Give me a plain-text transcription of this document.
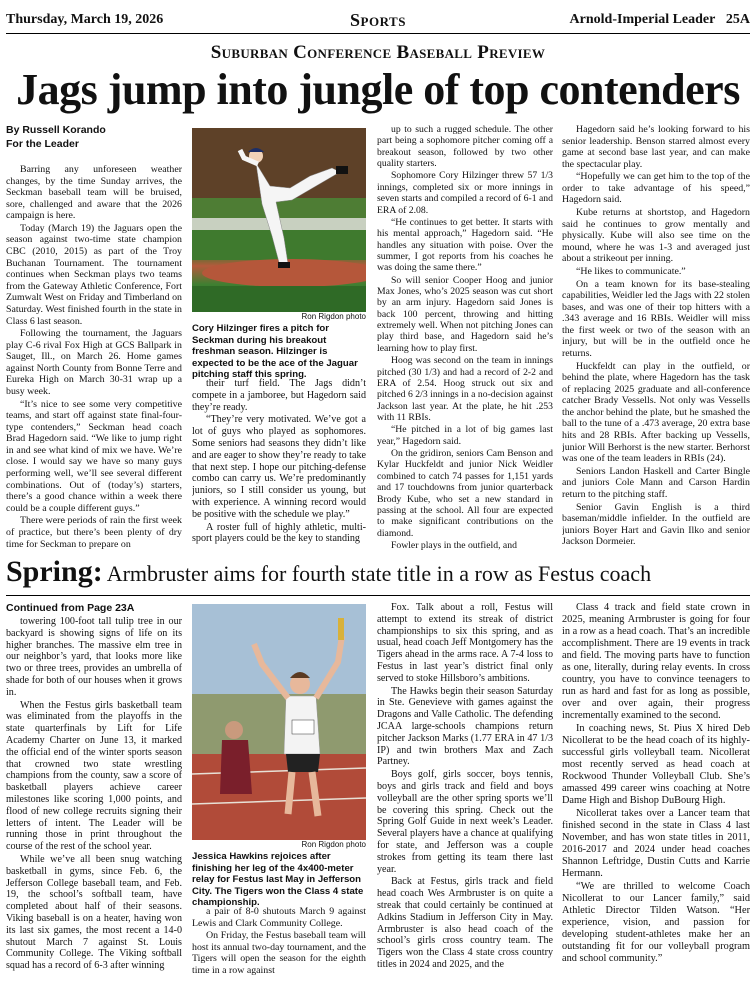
Thursday, March 19, 2026	Sports	Arnold-Imperial Leader 25A
Suburban Conference Baseball Preview
Jags jump into jungle of top contenders

By Russell Korando

For the Leader

Barring any unforeseen weather changes, by the time Sunday arrives, the Seckman baseball team will be bruised, sore, challenged and aware that the 2026 campaign is here.

Today (March 19) the Jaguars open the season against two-time state champion CBC (2010, 2015) as part of the Troy Buchanan Tournament. The tournament continues when Seckman plays two teams from the Gateway Athletic Conference, Fort Zumwalt West on Friday and Timberland on Saturday. West finished fourth in the state in Class 6 last season.

Following the tournament, the Jaguars play C-6 rival Fox High at GCS Ballpark in Sauget, Ill., on March 26. Home games against North County from Bonne Terre and Eureka High on March 30-31 wrap up a busy week.

“It’s nice to see some very competitive teams, and start off against state final-four-type contenders,” Seckman head coach Brad Hagedorn said. “We like to jump right in and see what kind of mix we have. We’re close. I would say we have so many guys performing well, we’ll see several different combinations. Out of (today’s) starters, there’s a good chance within a week there could be a couple different guys.”

There were periods of rain the first week of practice, but there’s been plenty of dry time for Seckman to prepare on

Ron Rigdon photo
Cory Hilzinger fires a pitch for Seckman during his breakout freshman season. Hilzinger is expected to be the ace of the Jaguar pitching staff this spring.

their turf field. The Jags didn’t compete in a jamboree, but Hagedorn said they’re ready.

“They’re very motivated. We’ve got a lot of guys who played as sophomores. Some seniors had seasons they didn’t like and are eager to show they’re ready to take that next step. I hope our pitching-defense combo can carry us. We’re predominantly juniors, so I still consider us young, but with experience. A winning record would be positive with the schedule we play.”

A roster full of highly athletic, multi-sport players could be the key to standing

up to such a rugged schedule. The other part being a sophomore pitcher coming off a breakout season, followed by two other quality starters.

Sophomore Cory Hilzinger threw 57 1/3 innings, completed six or more innings in seven starts and compiled a record of 6-1 and ERA of 2.08.

“He continues to get better. It starts with his mental approach,” Hagedorn said. “He handles any situation with poise. Over the summer, I got reports from his coaches he was doing the same there.”

So will senior Cooper Hoog and junior Max Jones, who’s 2025 season was cut short by an arm injury. Hagedorn said Jones is back 100 percent, throwing and hitting extremely well. When not pitching Jones can play third base, and Hagedorn said he’s learning how to play first.

Hoog was second on the team in innings pitched (30 1/3) and had a record of 2-2 and ERA of 2.54. Hoog struck out six and pitched 6 2/3 innings in a no-decision against Jackson last year. At the plate, he hit .253 with 11 RBIs.

“He pitched in a lot of big games last year,” Hagedorn said.

On the gridiron, seniors Cam Benson and Kylar Huckfeldt and junior Nick Weidler combined to catch 74 passes for 1,151 yards and 17 touchdowns from junior quarterback Brody Kube, who set a new standard in passing at the school. All four are expected to make significant contributions on the diamond.

Fowler plays in the outfield, and

Hagedorn said he’s looking forward to his senior leadership. Benson starred almost every game at second base last year, and can make the spectacular play.

“Hopefully we can get him to the top of the order to take advantage of his speed,” Hagedorn said.

Kube returns at shortstop, and Hagedorn said he continues to grow mentally and physically. Kube will also see time on the mound, where he was 1-3 and averaged just about a strikeout per inning.

“He likes to communicate.”

On a team known for its base-stealing capabilities, Weidler led the Jags with 22 stolen bases, and was one of their top hitters with a .343 average and 16 RBIs. Weidler will miss the first week or two of the season with an injury, but will be in the outfield once he returns.

Huckfeldt can play in the outfield, or behind the plate, where Hagedorn has the task of replacing 2025 graduate and all-conference catcher Brady Vessells. Not only was Vessells the anchor behind the plate, but he smashed the ball to the tune of a .473 average, 20 extra base hits and 28 RBIs. After backing up Vessells, junior Will Berhorst is the new starter. Berhorst was one of the team leaders in RBIs (24).

Seniors Landon Haskell and Carter Bingle and juniors Cole Mann and Carson Hardin return to the pitching staff.

Senior Gavin English is a third baseman/middle infielder. In the outfield are juniors Boyer Hart and Gavin Ilko and senior Jackson Dormeier.

Spring: Armbruster aims for fourth state title in a row as Festus coach

Continued from Page 23A

towering 100-foot tall tulip tree in our backyard is showing signs of life on its higher branches. The massive elm tree in our neighbor’s yard, that looks more like two or three trees, provides an umbrella of shade for both of our houses when it grows in.

When the Festus girls basketball team was eliminated from the playoffs in the state quarterfinals by Lift for Life Academy Charter on June 13, it marked the official end of the winter sports season that crowned two state wrestling champions from the county, saw a score of basketball players achieve career milestones like scoring 1,000 points, and flood of new college recruits signing their letters of intent. The Leader will be running those in print throughout the course of the rest of the school year.

While we’ve all been snug watching basketball in gyms, since Feb. 6, the Jefferson College baseball team, and Feb. 19, the school’s softball team, have completed about half of their seasons. Viking baseball is on a heater, having won its last six games, the most recent a 14-0 shutout March 7 against St. Louis Community College. The Viking softball squad has a record of 6-3 after winning

Ron Rigdon photo
Jessica Hawkins rejoices after finishing her leg of the 4x400-meter relay for Festus last May in Jefferson City. The Tigers won the Class 4 state championship.

a pair of 8-0 shutouts March 9 against Lewis and Clark Community College.

On Friday, the Festus baseball team will host its annual two-day tournament, and the Tigers will open the season for the eighth time in a row against

Fox. Talk about a roll, Festus will attempt to extend its streak of district championships to six this spring, and as usual, head coach Jeff Montgomery has the Tigers ahead in the arms race. A 7-4 loss to Festus in last year’s district final only served to stoke Hillsboro’s ambitions.

The Hawks begin their season Saturday in Ste. Genevieve with games against the Dragons and Valle Catholic. The defending JCAA large-schools champions return pitcher Jackson Marks (1.77 ERA in 47 1/3 IP) and twin brothers Max and Zach Partney.

Boys golf, girls soccer, boys tennis, boys and girls track and field and boys volleyball are the other spring sports we’ll be covering this spring. Check out the Spring Golf Guide in next week’s Leader. Several players have a chance at qualifying for state, and Jefferson was a couple strokes from getting its team there last year.

Back at Festus, girls track and field head coach Wes Armbruster is on quite a streak that could certainly be continued at Adkins Stadium in Jefferson City in May. Armbruster is also head coach of the school’s girls cross country team. The Tigers won the Class 4 state cross country titles in 2024 and 2025, and the

Class 4 track and field state crown in 2025, meaning Armbruster is going for four in a row as a head coach. That’s an incredible accomplishment. There are 19 events in track and field. The moving parts have to function as one, literally, during relay events. In cross country, you have to convince teenagers to run as hard and fast for as long as possible, over and over again, their progress incrementally examined to the second.

In coaching news, St. Pius X hired Deb Nicollerat to be the head coach of its highly-successful girls volleyball team. Nicollerat most recently served as head coach at Rockwood Thunder Volleyball Club. She’s amassed 499 career wins coaching at Notre Dame High and Bishop DuBourg High.

Nicollerat takes over a Lancer team that finished second in the state in Class 4 last November, and has won state titles in 2011, 2016-2017 and 2024 under head coaches Shannon Leftridge, Dustin Cutts and Karrie Hermann.

“We are thrilled to welcome Coach Nicollerat to our Lancer family,” said Athletic Director Tilden Watson. “Her experience, vision, and passion for developing student-athletes make her an outstanding fit for our volleyball program and school community.”
